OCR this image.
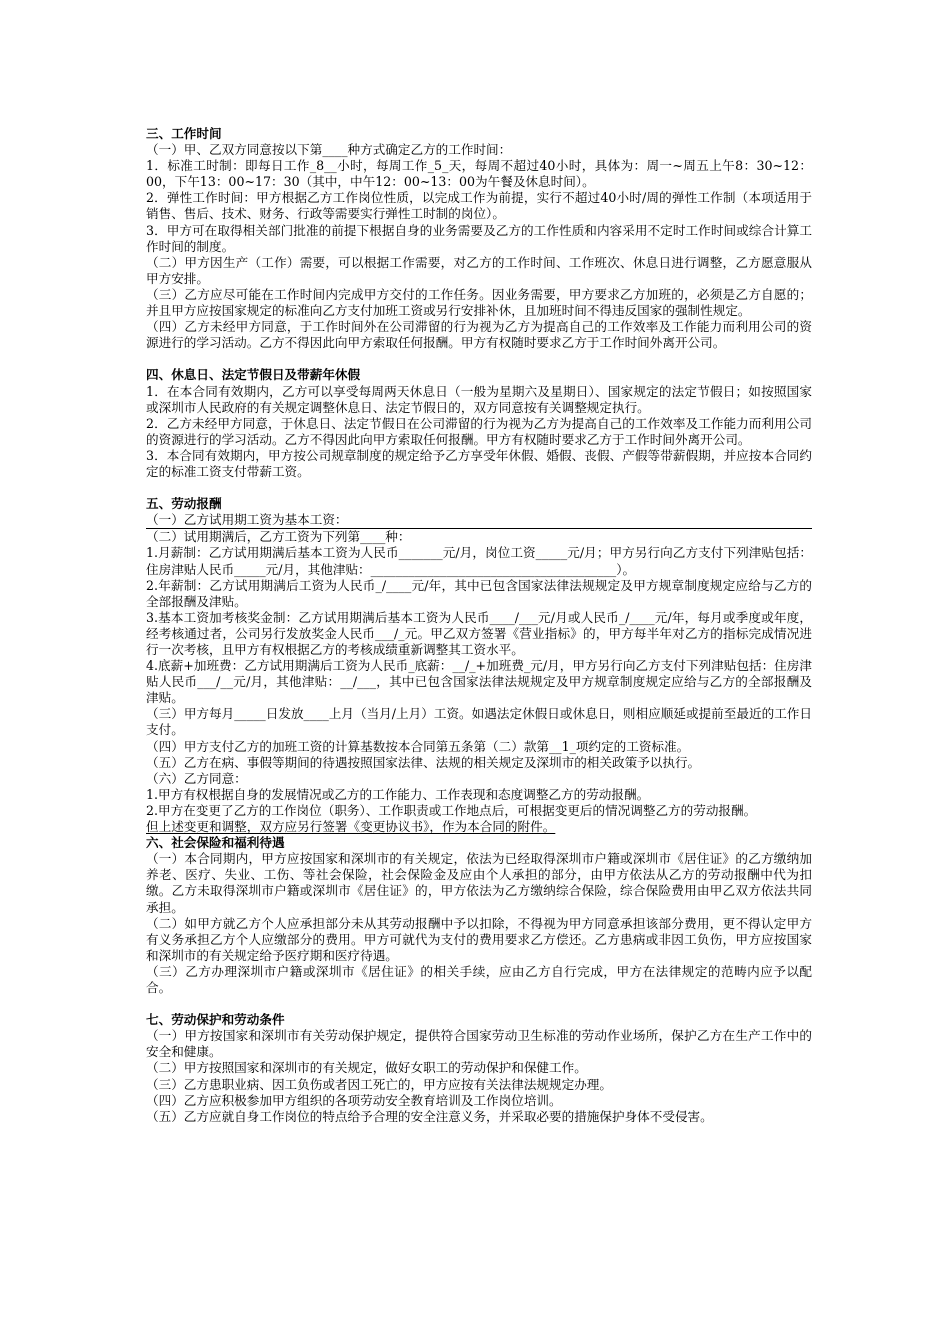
三、工作时间

（一）甲、乙双方同意按以下第____种方式确定乙方的工作时间：

1．标准工时制：即每日工作_8__小时，每周工作_5_天，每周不超过40小时，具体为：周一~周五上午8：30~12：00，下午13：00~17：30（其中，中午12：00~13：00为午餐及休息时间）。

2．弹性工作时间：甲方根据乙方工作岗位性质，以完成工作为前提，实行不超过40小时/周的弹性工作制（本项适用于销售、售后、技术、财务、行政等需要实行弹性工时制的岗位）。

3．甲方可在取得相关部门批准的前提下根据自身的业务需要及乙方的工作性质和内容采用不定时工作时间或综合计算工作时间的制度。

（二）甲方因生产（工作）需要，可以根据工作需要，对乙方的工作时间、工作班次、休息日进行调整，乙方愿意服从甲方安排。

（三）乙方应尽可能在工作时间内完成甲方交付的工作任务。因业务需要，甲方要求乙方加班的，必须是乙方自愿的；并且甲方应按国家规定的标准向乙方支付加班工资或另行安排补休，且加班时间不得违反国家的强制性规定。

（四）乙方未经甲方同意，于工作时间外在公司滞留的行为视为乙方为提高自己的工作效率及工作能力而利用公司的资源进行的学习活动。乙方不得因此向甲方索取任何报酬。甲方有权随时要求乙方于工作时间外离开公司。

四、休息日、法定节假日及带薪年休假

1．在本合同有效期内，乙方可以享受每周两天休息日（一般为星期六及星期日）、国家规定的法定节假日；如按照国家或深圳市人民政府的有关规定调整休息日、法定节假日的，双方同意按有关调整规定执行。

2．乙方未经甲方同意，于休息日、法定节假日在公司滞留的行为视为乙方为提高自己的工作效率及工作能力而利用公司的资源进行的学习活动。乙方不得因此向甲方索取任何报酬。甲方有权随时要求乙方于工作时间外离开公司。

3．本合同有效期内，甲方按公司规章制度的规定给予乙方享受年休假、婚假、丧假、产假等带薪假期，并应按本合同约定的标准工资支付带薪工资。

五、劳动报酬

（一）乙方试用期工资为基本工资：

（二）试用期满后，乙方工资为下列第____种：

1.月薪制：乙方试用期满后基本工资为人民币_______元/月，岗位工资_____元/月；甲方另行向乙方支付下列津贴包括：住房津贴人民币_____元/月，其他津贴：_______________________________________）。

2.年薪制：乙方试用期满后工资为人民币_/____元/年，其中已包含国家法律法规规定及甲方规章制度规定应给与乙方的全部报酬及津贴。

3.基本工资加考核奖金制：乙方试用期满后基本工资为人民币____/___元/月或人民币_/____元/年，每月或季度或年度，经考核通过者，公司另行发放奖金人民币___/_元。甲乙双方签署《营业指标》的，甲方每半年对乙方的指标完成情况进行一次考核，且甲方有权根据乙方的考核成绩重新调整其工资水平。

4.底薪+加班费：乙方试用期满后工资为人民币_底薪：__/_+加班费_元/月，甲方另行向乙方支付下列津贴包括：住房津贴人民币___/__元/月，其他津贴：__/___，其中已包含国家法律法规规定及甲方规章制度规定应给与乙方的全部报酬及津贴。

（三）甲方每月_____日发放____上月（当月/上月）工资。如遇法定休假日或休息日，则相应顺延或提前至最近的工作日支付。

（四）甲方支付乙方的加班工资的计算基数按本合同第五条第（二）款第__1_项约定的工资标准。

（五）乙方在病、事假等期间的待遇按照国家法律、法规的相关规定及深圳市的相关政策予以执行。

（六）乙方同意：

1.甲方有权根据自身的发展情况或乙方的工作能力、工作表现和态度调整乙方的劳动报酬。

2.甲方在变更了乙方的工作岗位（职务）、工作职责或工作地点后，可根据变更后的情况调整乙方的劳动报酬。

但上述变更和调整，双方应另行签署《变更协议书》，作为本合同的附件。

六、社会保险和福利待遇

（一）本合同期内，甲方应按国家和深圳市的有关规定，依法为已经取得深圳市户籍或深圳市《居住证》的乙方缴纳加养老、医疗、失业、工伤、等社会保险，社会保险金及应由个人承担的部分，由甲方依法从乙方的劳动报酬中代为扣缴。乙方未取得深圳市户籍或深圳市《居住证》的，甲方依法为乙方缴纳综合保险，综合保险费用由甲乙双方依法共同承担。

（二）如甲方就乙方个人应承担部分未从其劳动报酬中予以扣除，不得视为甲方同意承担该部分费用，更不得认定甲方有义务承担乙方个人应缴部分的费用。甲方可就代为支付的费用要求乙方偿还。乙方患病或非因工负伤，甲方应按国家和深圳市的有关规定给予医疗期和医疗待遇。

（三）乙方办理深圳市户籍或深圳市《居住证》的相关手续，应由乙方自行完成，甲方在法律规定的范畴内应予以配合。

七、劳动保护和劳动条件

（一）甲方按国家和深圳市有关劳动保护规定，提供符合国家劳动卫生标准的劳动作业场所，保护乙方在生产工作中的安全和健康。

（二）甲方按照国家和深圳市的有关规定，做好女职工的劳动保护和保健工作。

（三）乙方患职业病、因工负伤或者因工死亡的，甲方应按有关法律法规规定办理。

（四）乙方应积极参加甲方组织的各项劳动安全教育培训及工作岗位培训。

（五）乙方应就自身工作岗位的特点给予合理的安全注意义务，并采取必要的措施保护身体不受侵害。
